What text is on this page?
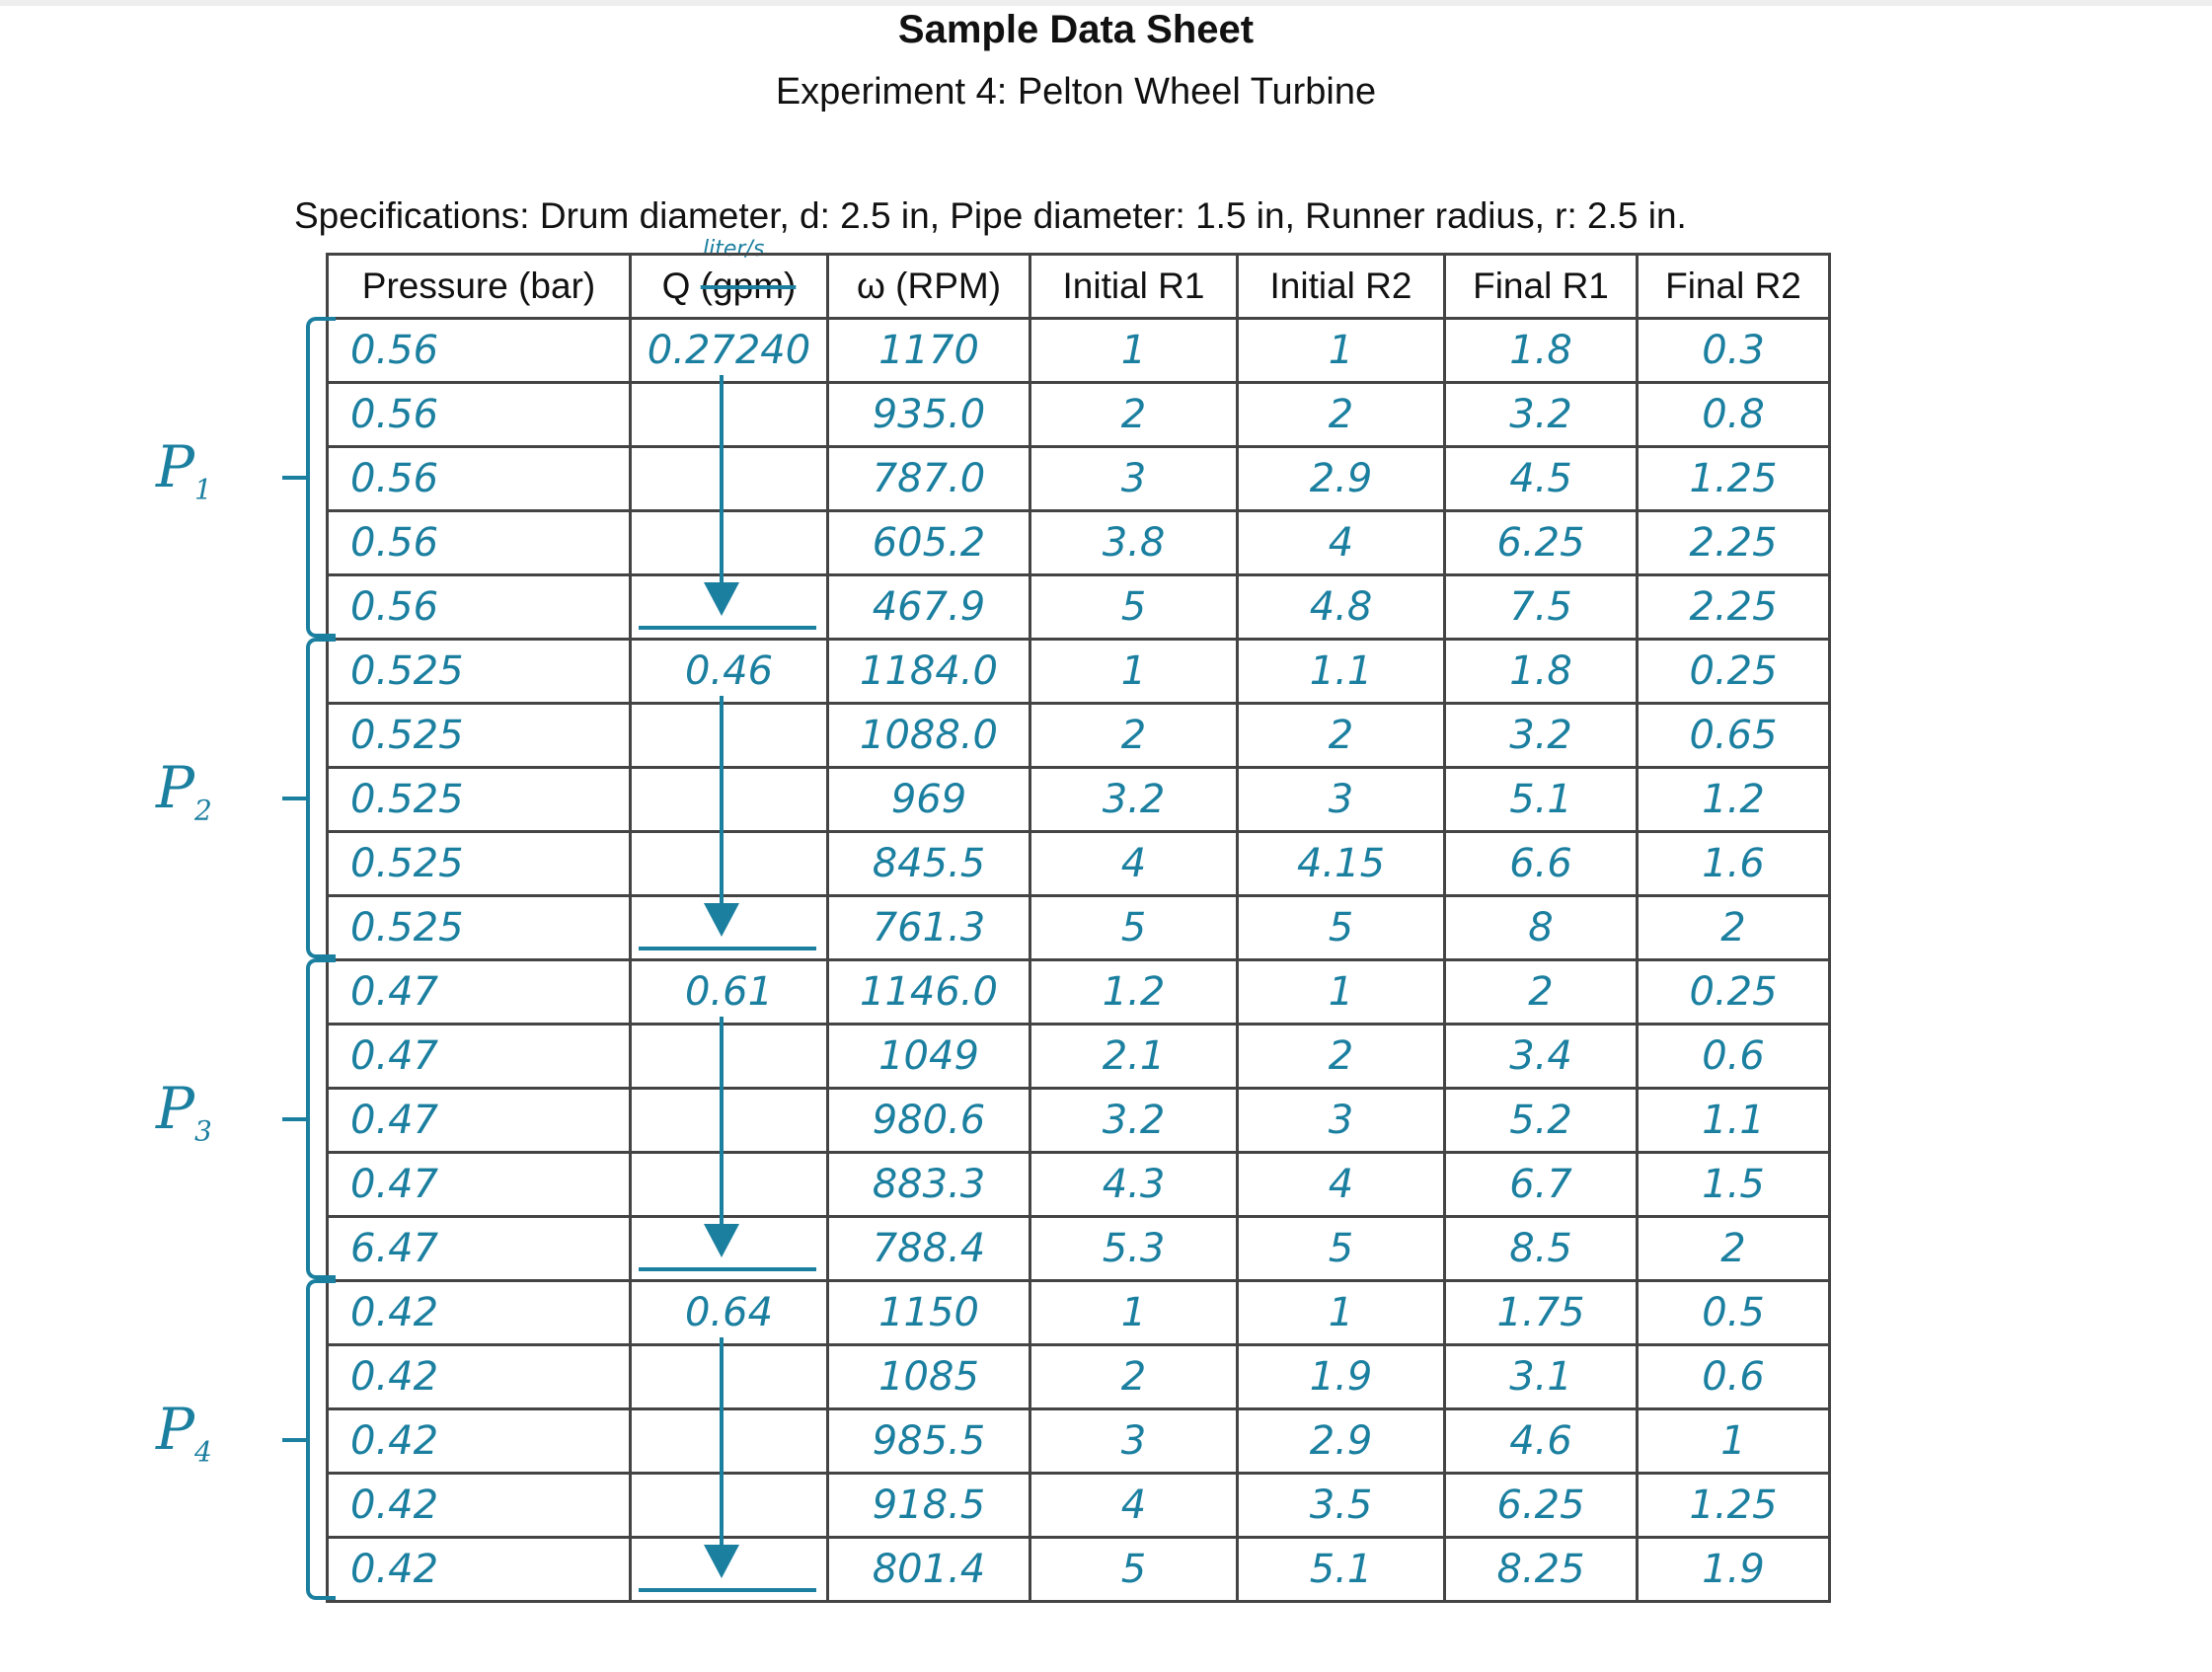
Sample Data Sheet
Experiment 4: Pelton Wheel Turbine
Specifications: Drum diameter, d: 2.5 in, Pipe diameter: 1.5 in, Runner radius, r: 2.5 in.
liter/s
Pressure (bar)	Q (gpm)	ω (RPM)	Initial R1	Initial R2	Final R1	Final R2
0.56	0.27240	1170	1	1	1.8	0.3
0.56		935.0	2	2	3.2	0.8
0.56		787.0	3	2.9	4.5	1.25
0.56		605.2	3.8	4	6.25	2.25
0.56		467.9	5	4.8	7.5	2.25
0.525	0.46	1184.0	1	1.1	1.8	0.25
0.525		1088.0	2	2	3.2	0.65
0.525		969	3.2	3	5.1	1.2
0.525		845.5	4	4.15	6.6	1.6
0.525		761.3	5	5	8	2
0.47	0.61	1146.0	1.2	1	2	0.25
0.47		1049	2.1	2	3.4	0.6
0.47		980.6	3.2	3	5.2	1.1
0.47		883.3	4.3	4	6.7	1.5
6.47		788.4	5.3	5	8.5	2
0.42	0.64	1150	1	1	1.75	0.5
0.42		1085	2	1.9	3.1	0.6
0.42		985.5	3	2.9	4.6	1
0.42		918.5	4	3.5	6.25	1.25
0.42		801.4	5	5.1	8.25	1.9
$P_1$
$P_2$
$P_3$
$P_4$
